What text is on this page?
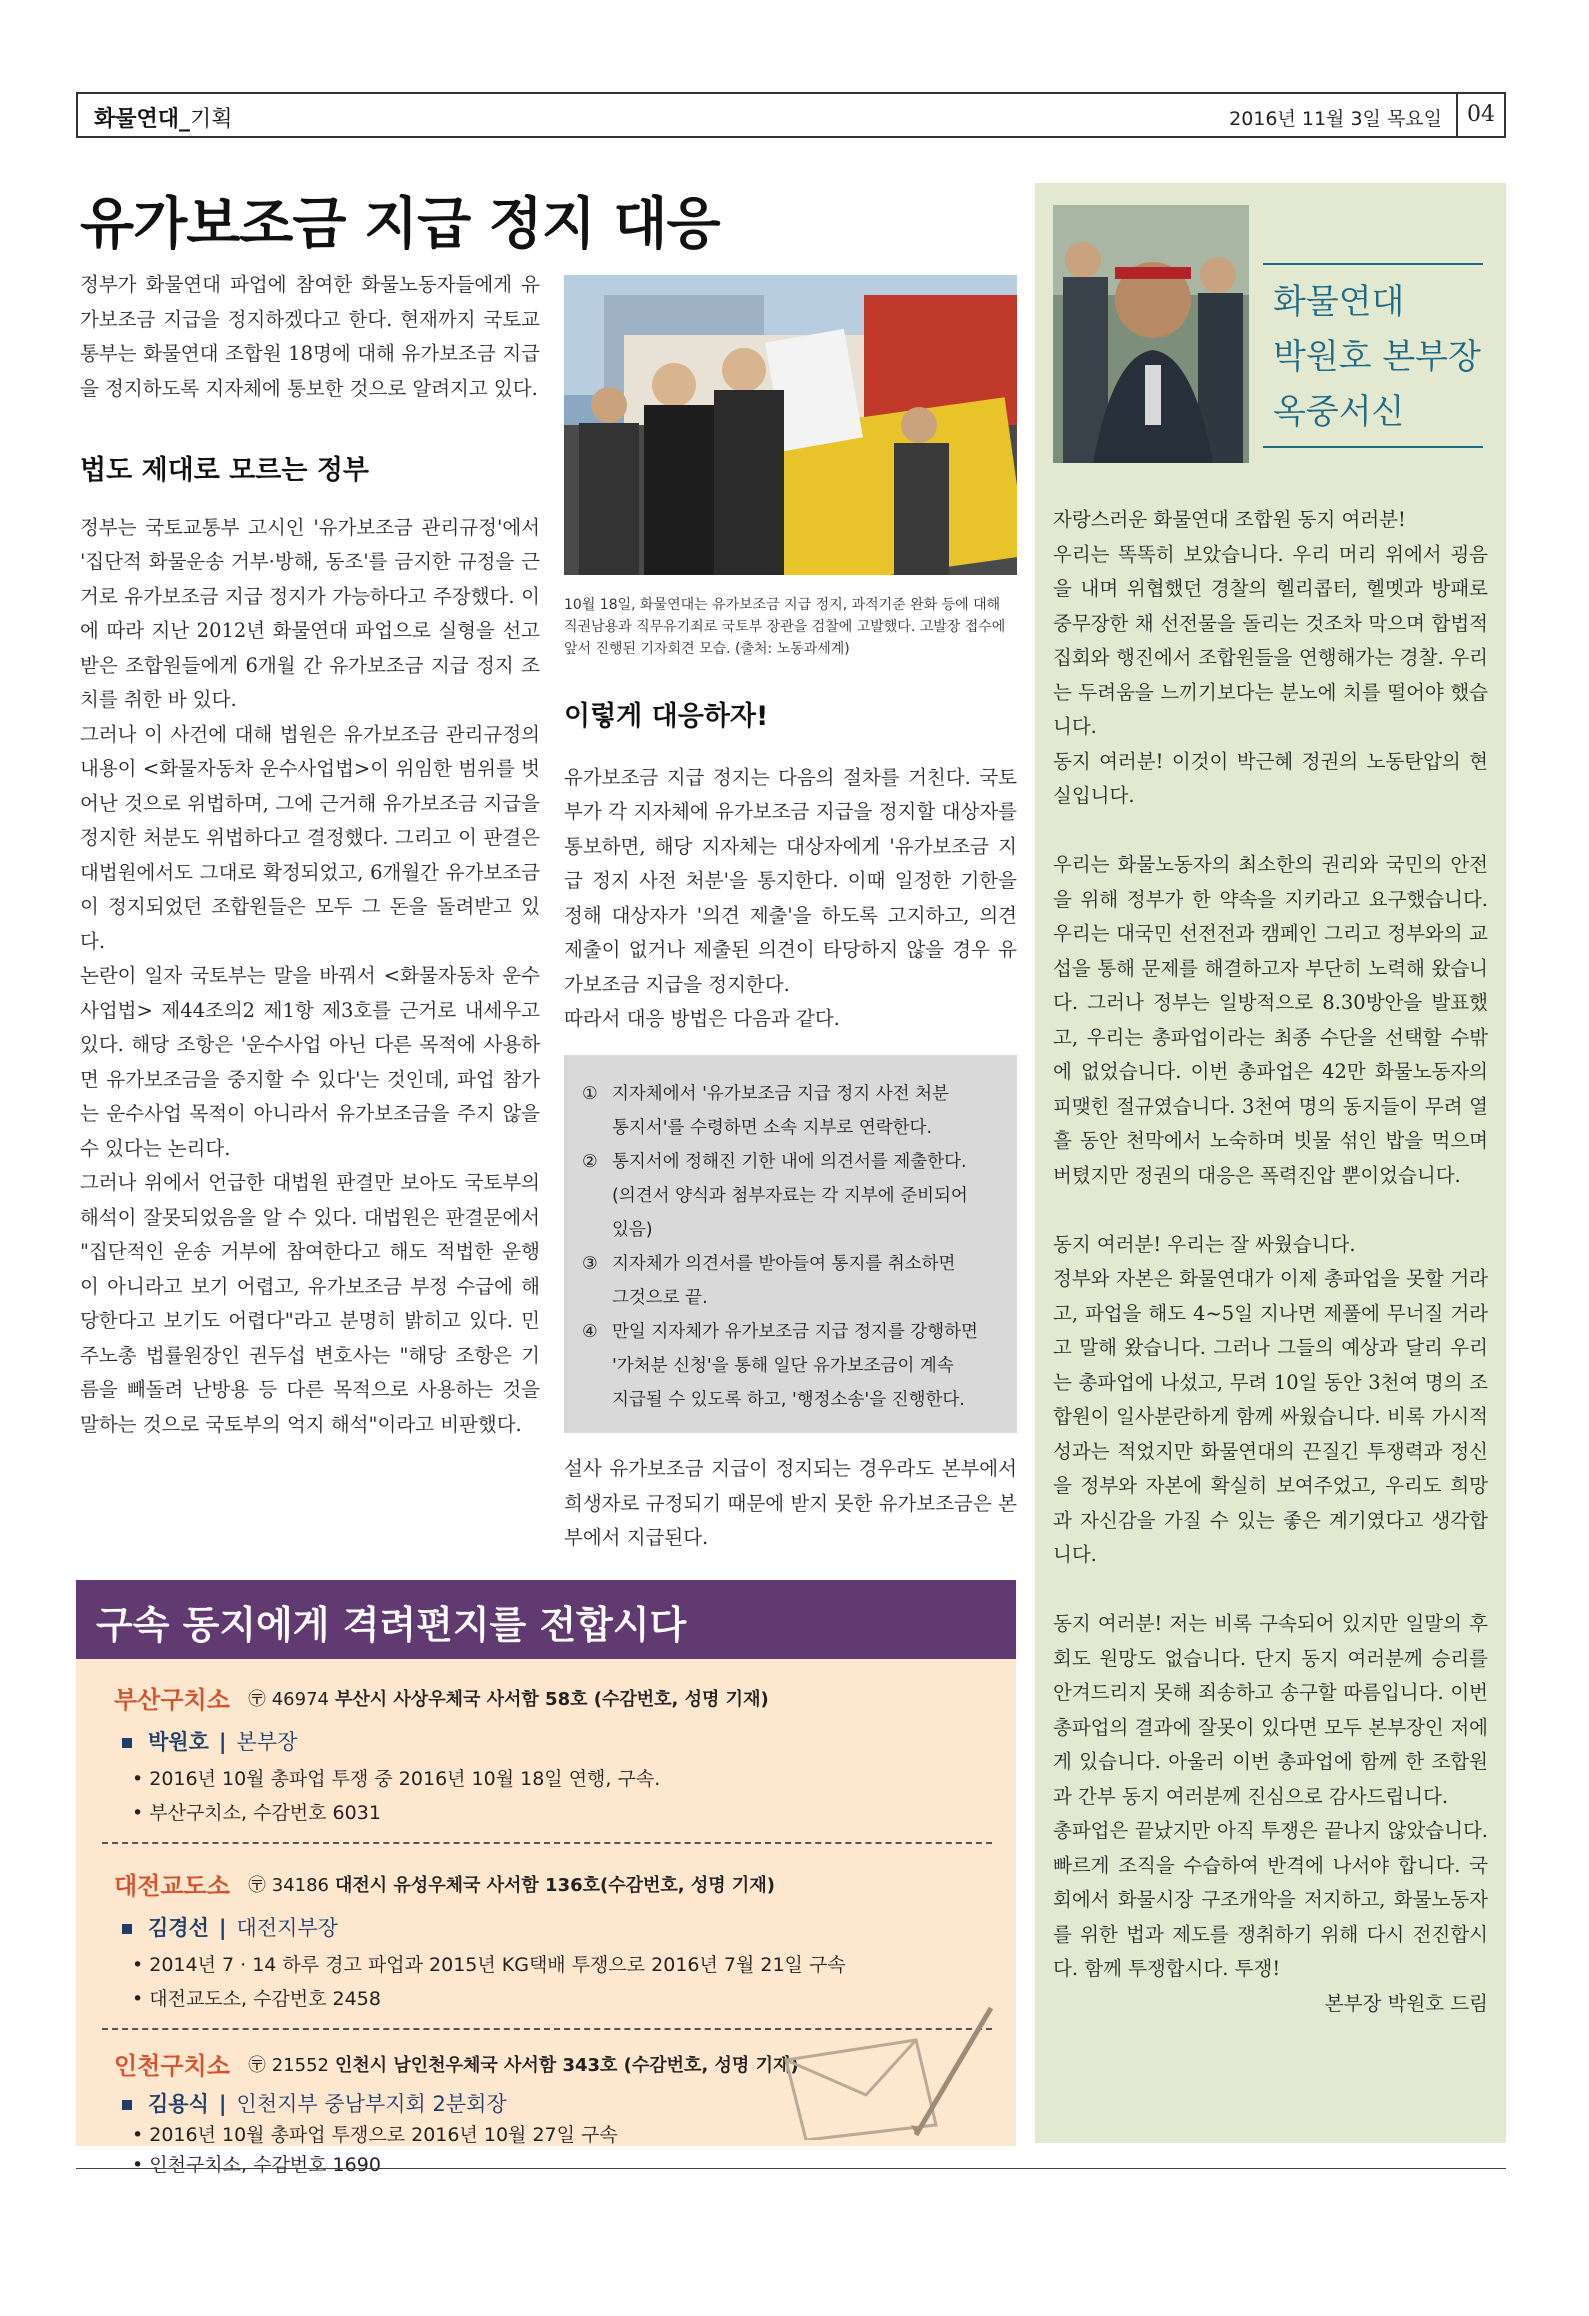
화물연대_기획	2016년 11월 3일 목요일	04
유가보조금 지급 정지 대응

정부가 화물연대 파업에 참여한 화물노동자들에게 유가보조금 지급을 정지하겠다고 한다. 현재까지 국토교통부는 화물연대 조합원 18명에 대해 유가보조금 지급을 정지하도록 지자체에 통보한 것으로 알려지고 있다.

법도 제대로 모르는 정부

정부는 국토교통부 고시인 '유가보조금 관리규정'에서 '집단적 화물운송 거부·방해, 동조'를 금지한 규정을 근거로 유가보조금 지급 정지가 가능하다고 주장했다. 이에 따라 지난 2012년 화물연대 파업으로 실형을 선고받은 조합원들에게 6개월 간 유가보조금 지급 정지 조치를 취한 바 있다.

그러나 이 사건에 대해 법원은 유가보조금 관리규정의 내용이 <화물자동차 운수사업법>이 위임한 범위를 벗어난 것으로 위법하며, 그에 근거해 유가보조금 지급을 정지한 처분도 위법하다고 결정했다. 그리고 이 판결은 대법원에서도 그대로 확정되었고, 6개월간 유가보조금이 정지되었던 조합원들은 모두 그 돈을 돌려받고 있다.

논란이 일자 국토부는 말을 바꿔서 <화물자동차 운수사업법> 제44조의2 제1항 제3호를 근거로 내세우고 있다. 해당 조항은 '운수사업 아닌 다른 목적에 사용하면 유가보조금을 중지할 수 있다'는 것인데, 파업 참가는 운수사업 목적이 아니라서 유가보조금을 주지 않을 수 있다는 논리다.

그러나 위에서 언급한 대법원 판결만 보아도 국토부의 해석이 잘못되었음을 알 수 있다. 대법원은 판결문에서 "집단적인 운송 거부에 참여한다고 해도 적법한 운행이 아니라고 보기 어렵고, 유가보조금 부정 수급에 해당한다고 보기도 어렵다"라고 분명히 밝히고 있다. 민주노총 법률원장인 권두섭 변호사는 "해당 조항은 기름을 빼돌려 난방용 등 다른 목적으로 사용하는 것을 말하는 것으로 국토부의 억지 해석"이라고 비판했다.

10월 18일, 화물연대는 유가보조금 지급 정지, 과적기준 완화 등에 대해 직권남용과 직무유기죄로 국토부 장관을 검찰에 고발했다. 고발장 접수에 앞서 진행된 기자회견 모습. (출처: 노동과세계)
이렇게 대응하자!

유가보조금 지급 정지는 다음의 절차를 거친다. 국토부가 각 지자체에 유가보조금 지급을 정지할 대상자를 통보하면, 해당 지자체는 대상자에게 '유가보조금 지급 정지 사전 처분'을 통지한다. 이때 일정한 기한을 정해 대상자가 '의견 제출'을 하도록 고지하고, 의견 제출이 없거나 제출된 의견이 타당하지 않을 경우 유가보조금 지급을 정지한다.

따라서 대응 방법은 다음과 같다.

① 지자체에서 '유가보조금 지급 정지 사전 처분
통지서'를 수령하면 소속 지부로 연락한다.
② 통지서에 정해진 기한 내에 의견서를 제출한다.
(의견서 양식과 첨부자료는 각 지부에 준비되어
있음)
③ 지자체가 의견서를 받아들여 통지를 취소하면
그것으로 끝.
④ 만일 지자체가 유가보조금 지급 정지를 강행하면
'가처분 신청'을 통해 일단 유가보조금이 계속
지급될 수 있도록 하고, '행정소송'을 진행한다.

설사 유가보조금 지급이 정지되는 경우라도 본부에서 희생자로 규정되기 때문에 받지 못한 유가보조금은 본부에서 지급된다.

화물연대
박원호 본부장
옥중서신

자랑스러운 화물연대 조합원 동지 여러분!

우리는 똑똑히 보았습니다. 우리 머리 위에서 굉음을 내며 위협했던 경찰의 헬리콥터, 헬멧과 방패로 중무장한 채 선전물을 돌리는 것조차 막으며 합법적 집회와 행진에서 조합원들을 연행해가는 경찰. 우리는 두려움을 느끼기보다는 분노에 치를 떨어야 했습니다.

동지 여러분! 이것이 박근혜 정권의 노동탄압의 현실입니다.

우리는 화물노동자의 최소한의 권리와 국민의 안전을 위해 정부가 한 약속을 지키라고 요구했습니다. 우리는 대국민 선전전과 캠페인 그리고 정부와의 교섭을 통해 문제를 해결하고자 부단히 노력해 왔습니다. 그러나 정부는 일방적으로 8.30방안을 발표했고, 우리는 총파업이라는 최종 수단을 선택할 수밖에 없었습니다. 이번 총파업은 42만 화물노동자의 피맺힌 절규였습니다. 3천여 명의 동지들이 무려 열흘 동안 천막에서 노숙하며 빗물 섞인 밥을 먹으며 버텼지만 정권의 대응은 폭력진압 뿐이었습니다.

동지 여러분! 우리는 잘 싸웠습니다.

정부와 자본은 화물연대가 이제 총파업을 못할 거라고, 파업을 해도 4~5일 지나면 제풀에 무너질 거라고 말해 왔습니다. 그러나 그들의 예상과 달리 우리는 총파업에 나섰고, 무려 10일 동안 3천여 명의 조합원이 일사분란하게 함께 싸웠습니다. 비록 가시적 성과는 적었지만 화물연대의 끈질긴 투쟁력과 정신을 정부와 자본에 확실히 보여주었고, 우리도 희망과 자신감을 가질 수 있는 좋은 계기였다고 생각합니다.

동지 여러분! 저는 비록 구속되어 있지만 일말의 후회도 원망도 없습니다. 단지 동지 여러분께 승리를 안겨드리지 못해 죄송하고 송구할 따름입니다. 이번 총파업의 결과에 잘못이 있다면 모두 본부장인 저에게 있습니다. 아울러 이번 총파업에 함께 한 조합원과 간부 동지 여러분께 진심으로 감사드립니다.

총파업은 끝났지만 아직 투쟁은 끝나지 않았습니다. 빠르게 조직을 수습하여 반격에 나서야 합니다. 국회에서 화물시장 구조개악을 저지하고, 화물노동자를 위한 법과 제도를 쟁취하기 위해 다시 전진합시다. 함께 투쟁합시다. 투쟁!

본부장 박원호 드림

구속 동지에게 격려편지를 전합시다
부산구치소 〶 46974 부산시 사상우체국 사서함 58호 (수감번호, 성명 기재)
박원호 | 본부장
• 2016년 10월 총파업 투쟁 중 2016년 10월 18일 연행, 구속.
• 부산구치소, 수감번호 6031
대전교도소 〶 34186 대전시 유성우체국 사서함 136호(수감번호, 성명 기재)
김경선 | 대전지부장
• 2014년 7 · 14 하루 경고 파업과 2015년 KG택배 투쟁으로 2016년 7월 21일 구속
• 대전교도소, 수감번호 2458
인천구치소 〶 21552 인천시 남인천우체국 사서함 343호 (수감번호, 성명 기재)
김용식 | 인천지부 중남부지회 2분회장
• 2016년 10월 총파업 투쟁으로 2016년 10월 27일 구속
• 인천구치소, 수감번호 1690
